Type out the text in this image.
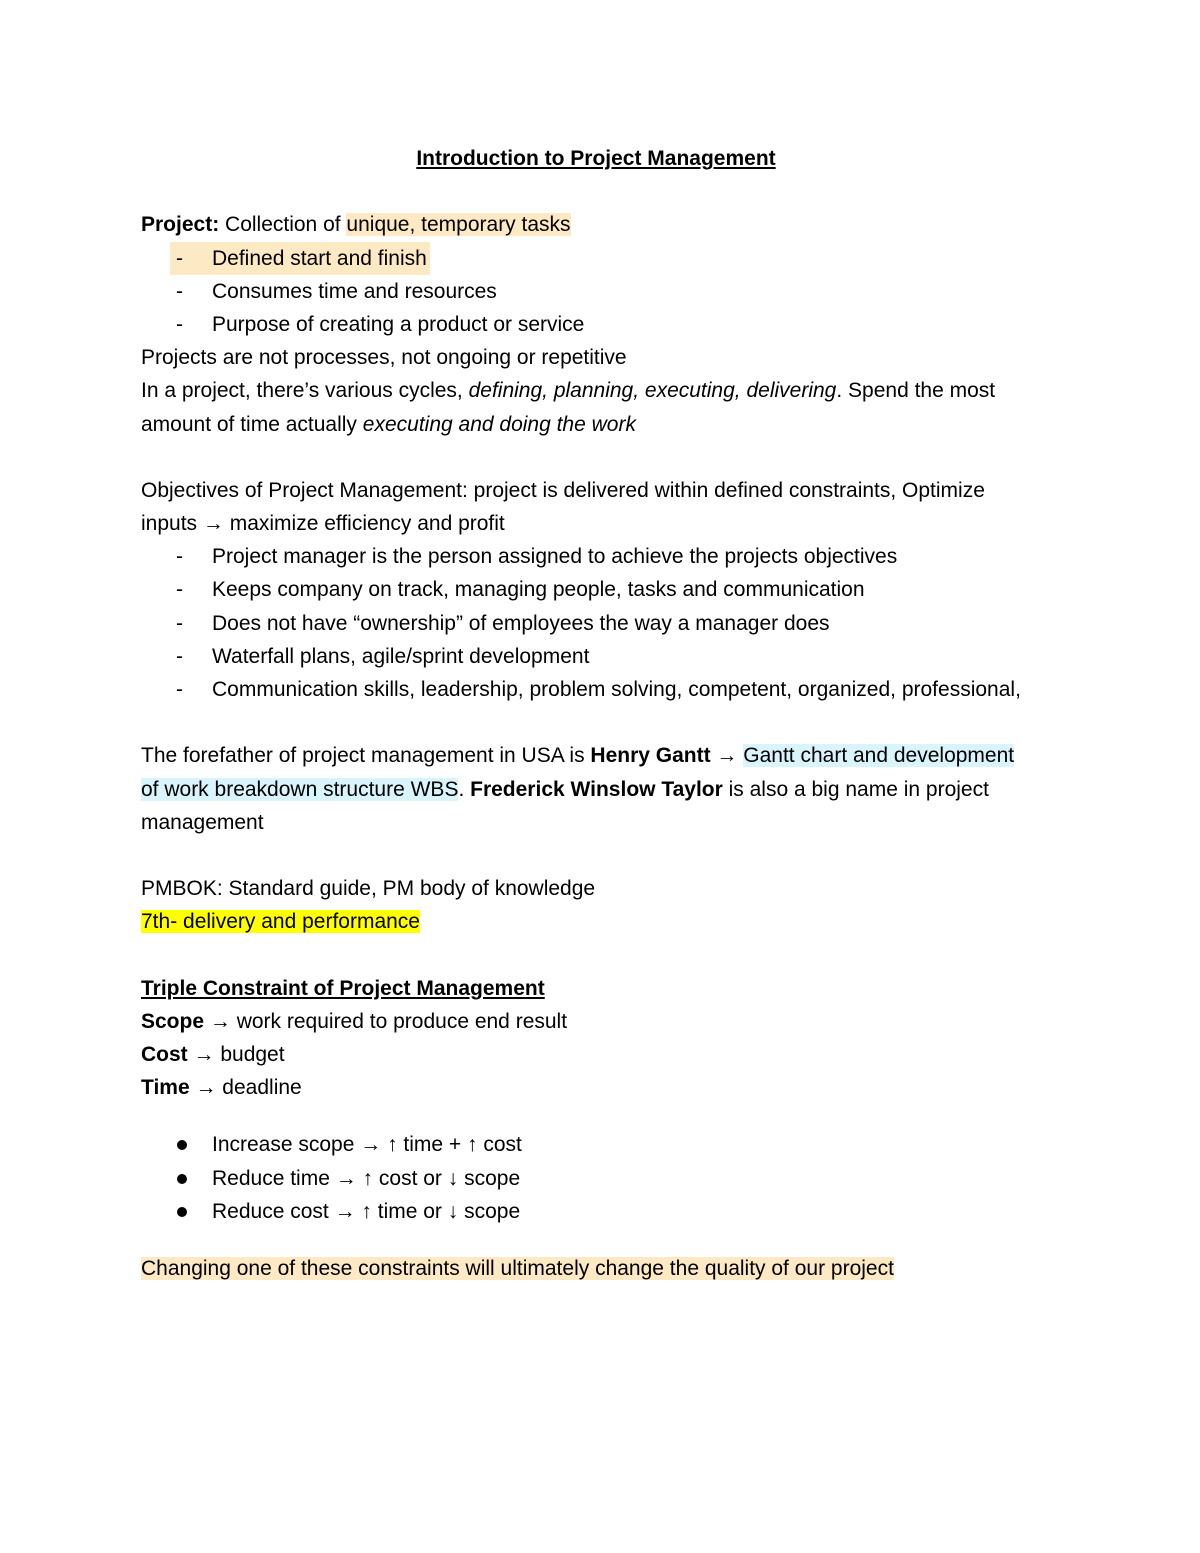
Introduction to Project Management
Project: Collection of unique, temporary tasks
- Defined start and finish
- Consumes time and resources
- Purpose of creating a product or service
Projects are not processes, not ongoing or repetitive
In a project, there’s various cycles, defining, planning, executing, delivering. Spend the most
amount of time actually executing and doing the work
Objectives of Project Management: project is delivered within defined constraints, Optimize
inputs → maximize efficiency and profit
- Project manager is the person assigned to achieve the projects objectives
- Keeps company on track, managing people, tasks and communication
- Does not have “ownership” of employees the way a manager does
- Waterfall plans, agile/sprint development
- Communication skills, leadership, problem solving, competent, organized, professional,
The forefather of project management in USA is Henry Gantt → Gantt chart and development
of work breakdown structure WBS. Frederick Winslow Taylor is also a big name in project
management
PMBOK: Standard guide, PM body of knowledge
7th- delivery and performance
Triple Constraint of Project Management
Scope → work required to produce end result
Cost → budget
Time → deadline
Increase scope → ↑ time + ↑ cost
Reduce time → ↑ cost or ↓ scope
Reduce cost → ↑ time or ↓ scope
Changing one of these constraints will ultimately change the quality of our project
